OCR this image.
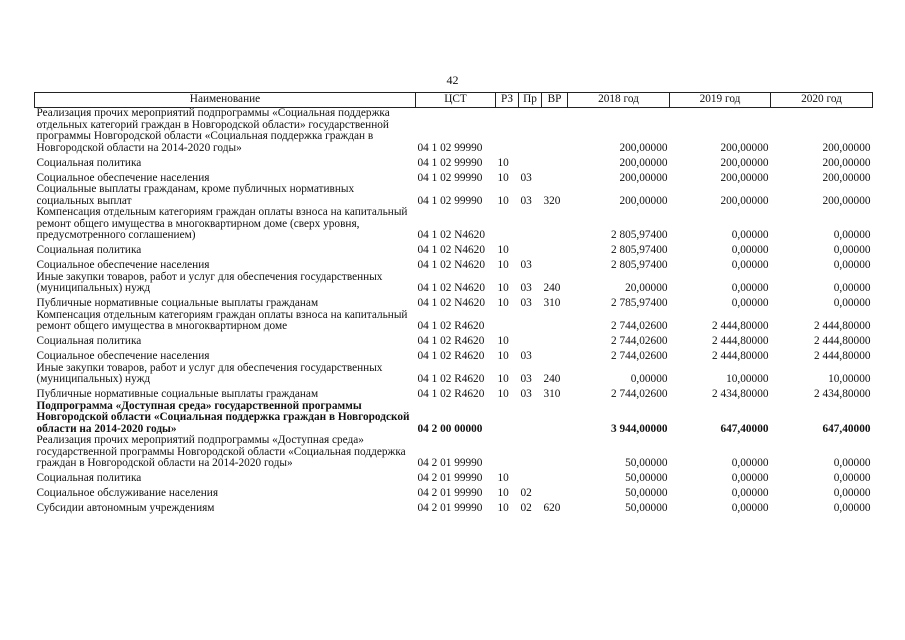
42
Наименование	ЦСТ	РЗ	Пр	ВР	2018 год	2019 год	2020 год
Реализация прочих мероприятий подпрограммы «Социальная поддержка отдельных категорий граждан в Новгородской области» государственной программы Новгородской области «Социальная поддержка граждан в Новгородской области на 2014-2020 годы»	04 1 02 99990				200,00000	200,00000	200,00000
Социальная политика	04 1 02 99990	10			200,00000	200,00000	200,00000
Социальное обеспечение населения	04 1 02 99990	10	03		200,00000	200,00000	200,00000
Социальные выплаты гражданам, кроме публичных нормативных социальных выплат	04 1 02 99990	10	03	320	200,00000	200,00000	200,00000
Компенсация отдельным категориям граждан оплаты взноса на капитальный ремонт общего имущества в многоквартирном доме (сверх уровня, предусмотренного соглашением)	04 1 02 N4620				2 805,97400	0,00000	0,00000
Социальная политика	04 1 02 N4620	10			2 805,97400	0,00000	0,00000
Социальное обеспечение населения	04 1 02 N4620	10	03		2 805,97400	0,00000	0,00000
Иные закупки товаров, работ и услуг для обеспечения государственных (муниципальных) нужд	04 1 02 N4620	10	03	240	20,00000	0,00000	0,00000
Публичные нормативные социальные выплаты гражданам	04 1 02 N4620	10	03	310	2 785,97400	0,00000	0,00000
Компенсация отдельным категориям граждан оплаты взноса на капитальный ремонт общего имущества в многоквартирном доме	04 1 02 R4620				2 744,02600	2 444,80000	2 444,80000
Социальная политика	04 1 02 R4620	10			2 744,02600	2 444,80000	2 444,80000
Социальное обеспечение населения	04 1 02 R4620	10	03		2 744,02600	2 444,80000	2 444,80000
Иные закупки товаров, работ и услуг для обеспечения государственных (муниципальных) нужд	04 1 02 R4620	10	03	240	0,00000	10,00000	10,00000
Публичные нормативные социальные выплаты гражданам	04 1 02 R4620	10	03	310	2 744,02600	2 434,80000	2 434,80000
Подпрограмма «Доступная среда» государственной программы Новгородской области «Социальная поддержка граждан в Новгородской области на 2014-2020 годы»	04 2 00 00000				3 944,00000	647,40000	647,40000
Реализация прочих мероприятий подпрограммы «Доступная среда» государственной программы Новгородской области «Социальная поддержка граждан в Новгородской области на 2014-2020 годы»	04 2 01 99990				50,00000	0,00000	0,00000
Социальная политика	04 2 01 99990	10			50,00000	0,00000	0,00000
Социальное обслуживание населения	04 2 01 99990	10	02		50,00000	0,00000	0,00000
Субсидии автономным учреждениям	04 2 01 99990	10	02	620	50,00000	0,00000	0,00000
